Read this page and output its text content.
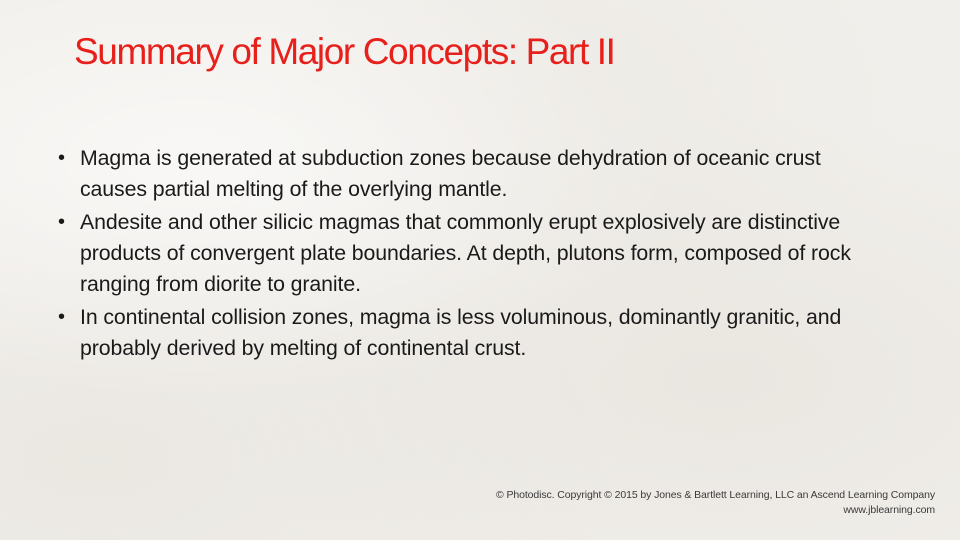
Summary of Major Concepts: Part II
• Magma is generated at subduction zones because dehydration of oceanic crust causes partial melting of the overlying mantle.
• Andesite and other silicic magmas that commonly erupt explosively are distinctive products of convergent plate boundaries. At depth, plutons form, composed of rock ranging from diorite to granite.
• In continental collision zones, magma is less voluminous, dominantly granitic, and probably derived by melting of continental crust.
© Photodisc. Copyright © 2015 by Jones & Bartlett Learning, LLC an Ascend Learning Company
www.jblearning.com
